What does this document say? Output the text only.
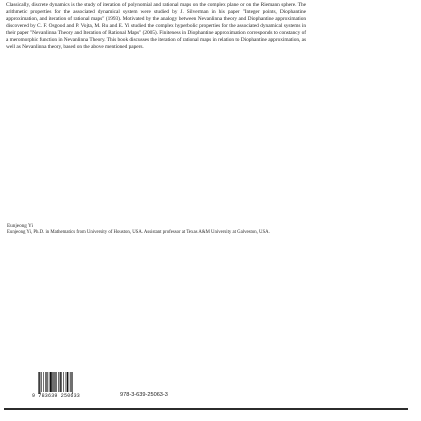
Classically, discrete dynamics is the study of iteration of polynomial and rational maps on the complex plane or on the Riemann sphere. The arithmetic properties for the associated dynamical system were studied by J. Silverman in his paper "Integer points, Diophantine approximation, and iteration of rational maps" (1993). Motivated by the analogy between Nevanlinna theory and Diophantine approximation discovered by C. F. Osgood and P. Vojta, M. Ru and E. Yi studied the complex hyperbolic properties for the associated dynamical systems in their paper "Nevanlinna Theory and Iteration of Rational Maps" (2005). Finiteness in Diophantine approximation corresponds to constancy of a meromorphic function in Nevanlinna Theory. This book discusses the iteration of rational maps in relation to Diophantine approximation, as well as Nevanlinna theory, based on the above mentioned papers.
Eunjeong Yi
Eunjeong Yi, Ph.D. in Mathematics from University of Houston, USA. Assistant professor at Texas A&M University at Galveston, USA.
9 783639 250633	978-3-639-25063-3
